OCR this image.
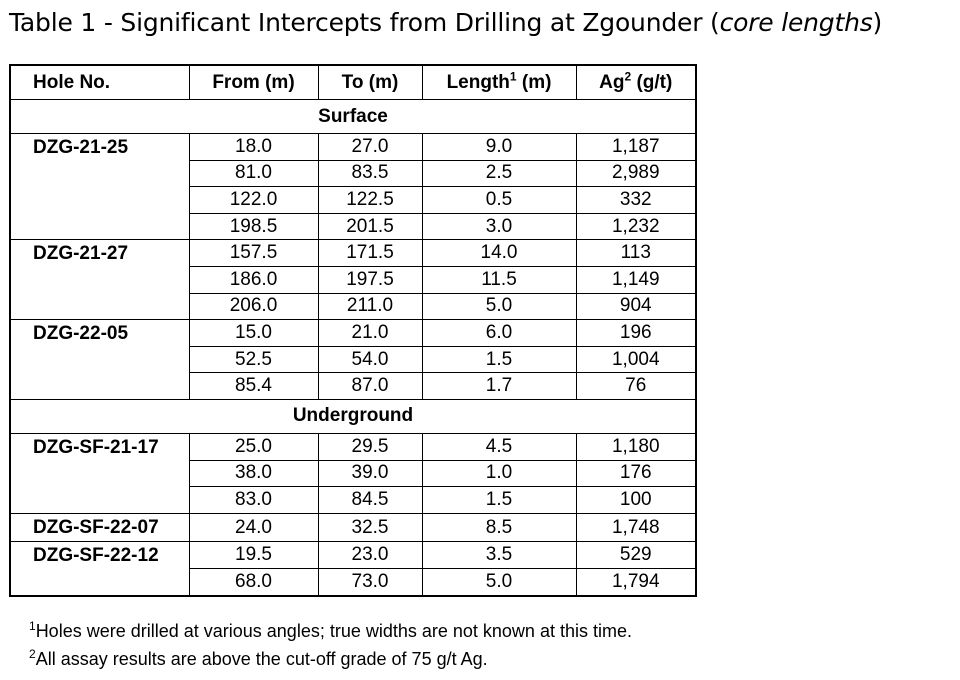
Table 1 - Significant Intercepts from Drilling at Zgounder (core lengths)
Hole No.	From (m)	To (m)	Length$^1$ (m)	Ag$^2$ (g/t)
Surface				
DZG-21-25	18.0	27.0	9.0	1,187
	81.0	83.5	2.5	2,989
	122.0	122.5	0.5	332
	198.5	201.5	3.0	1,232
DZG-21-27	157.5	171.5	14.0	113
	186.0	197.5	11.5	1,149
	206.0	211.0	5.0	904
DZG-22-05	15.0	21.0	6.0	196
	52.5	54.0	1.5	1,004
	85.4	87.0	1.7	76
Underground				
DZG-SF-21-17	25.0	29.5	4.5	1,180
	38.0	39.0	1.0	176
	83.0	84.5	1.5	100
DZG-SF-22-07	24.0	32.5	8.5	1,748
DZG-SF-22-12	19.5	23.0	3.5	529
	68.0	73.0	5.0	1,794
$^1$Holes were drilled at various angles; true widths are not known at this time.
$^2$All assay results are above the cut-off grade of 75 g/t Ag.
